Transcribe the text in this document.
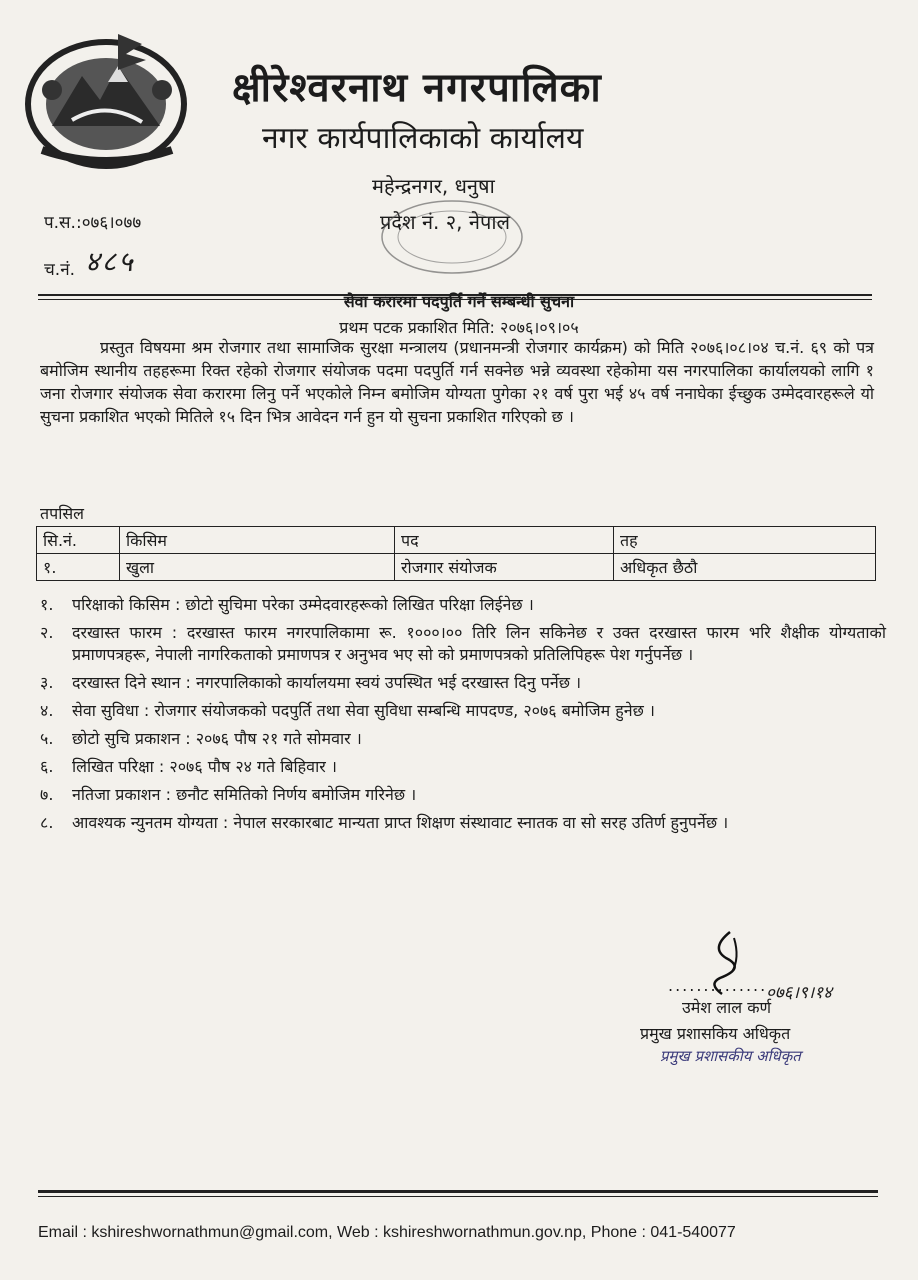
क्षीरेश्वरनाथ नगरपालिका
नगर कार्यपालिकाको कार्यालय
महेन्द्रनगर, धनुषा
प्रदेश नं. २, नेपाल
प.स.:०७६।०७७
च.नं. ४८५
सेवा करारमा पदपुर्ति गर्ने सम्बन्धी सुचना
प्रथम पटक प्रकाशित मिति: २०७६।०९।०५
प्रस्तुत विषयमा श्रम रोजगार तथा सामाजिक सुरक्षा मन्त्रालय (प्रधानमन्त्री रोजगार कार्यक्रम) को मिति २०७६।०८।०४ च.नं. ६९ को पत्र बमोजिम स्थानीय तहहरूमा रिक्त रहेको रोजगार संयोजक पदमा पदपुर्ति गर्न सक्नेछ भन्ने व्यवस्था रहेकोमा यस नगरपालिका कार्यालयको लागि १ जना रोजगार संयोजक सेवा करारमा लिनु पर्ने भएकोले निम्न बमोजिम योग्यता पुगेका २१ वर्ष पुरा भई ४५ वर्ष ननाघेका ईच्छुक उम्मेदवारहरूले यो सुचना प्रकाशित भएको मितिले १५ दिन भित्र आवेदन गर्न हुन यो सुचना प्रकाशित गरिएको छ ।
तपसिल
सि.नं.	किसिम	पद	तह
१.	खुला	रोजगार संयोजक	अधिकृत छैठौ
१.	परिक्षाको किसिम : छोटो सुचिमा परेका उम्मेदवारहरूको लिखित परिक्षा लिईनेछ ।
२.	दरखास्त फारम : दरखास्त फारम नगरपालिकामा रू. १०००।०० तिरि लिन सकिनेछ र उक्त दरखास्त फारम भरि शैक्षीक योग्यताको प्रमाणपत्रहरू, नेपाली नागरिकताको प्रमाणपत्र र अनुभव भए सो को प्रमाणपत्रको प्रतिलिपिहरू पेश गर्नुपर्नेछ ।
३.	दरखास्त दिने स्थान : नगरपालिकाको कार्यालयमा स्वयं उपस्थित भई दरखास्त दिनु पर्नेछ ।
४.	सेवा सुविधा : रोजगार संयोजकको पदपुर्ति तथा सेवा सुविधा सम्बन्धि मापदण्ड, २०७६ बमोजिम हुनेछ ।
५.	छोटो सुचि प्रकाशन : २०७६ पौष २१ गते सोमवार ।
६.	लिखित परिक्षा : २०७६ पौष २४ गते बिहिवार ।
७.	नतिजा प्रकाशन : छनौट समितिको निर्णय बमोजिम गरिनेछ ।
८.	आवश्यक न्युनतम योग्यता : नेपाल सरकारबाट मान्यता प्राप्त शिक्षण संस्थावाट स्नातक वा सो सरह उतिर्ण हुनुपर्नेछ ।
..............
०७६।९।१४
उमेश लाल कर्ण
प्रमुख प्रशासकिय अधिकृत
प्रमुख प्रशासकीय अधिकृत
Email : kshireshwornathmun@gmail.com, Web : kshireshwornathmun.gov.np, Phone : 041-540077
